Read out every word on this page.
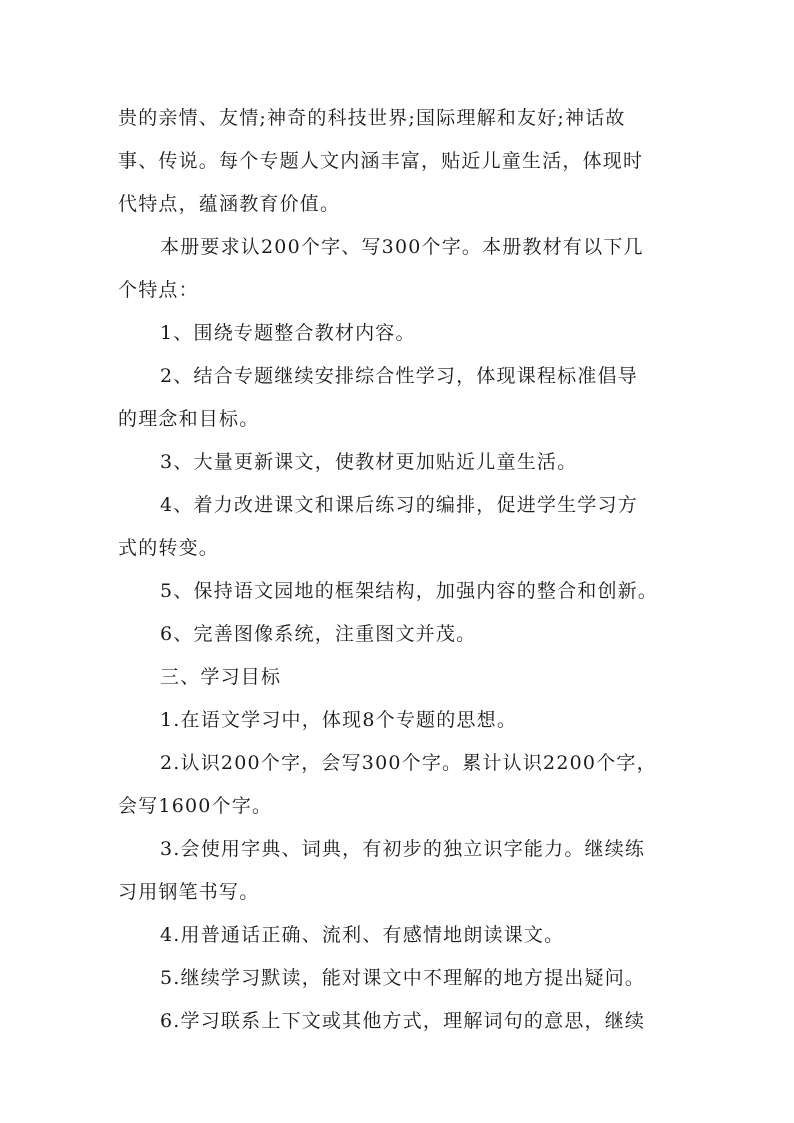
贵的亲情、友情;神奇的科技世界;国际理解和友好;神话故
事、传说。每个专题人文内涵丰富，贴近儿童生活，体现时
代特点，蕴涵教育价值。
本册要求认200个字、写300个字。本册教材有以下几
个特点：
1、围绕专题整合教材内容。
2、结合专题继续安排综合性学习，体现课程标准倡导
的理念和目标。
3、大量更新课文，使教材更加贴近儿童生活。
4、着力改进课文和课后练习的编排，促进学生学习方
式的转变。
5、保持语文园地的框架结构，加强内容的整合和创新。
6、完善图像系统，注重图文并茂。
三、学习目标
1.在语文学习中，体现8个专题的思想。
2.认识200个字，会写300个字。累计认识2200个字，
会写1600个字。
3.会使用字典、词典，有初步的独立识字能力。继续练
习用钢笔书写。
4.用普通话正确、流利、有感情地朗读课文。
5.继续学习默读，能对课文中不理解的地方提出疑问。
6.学习联系上下文或其他方式，理解词句的意思，继续
